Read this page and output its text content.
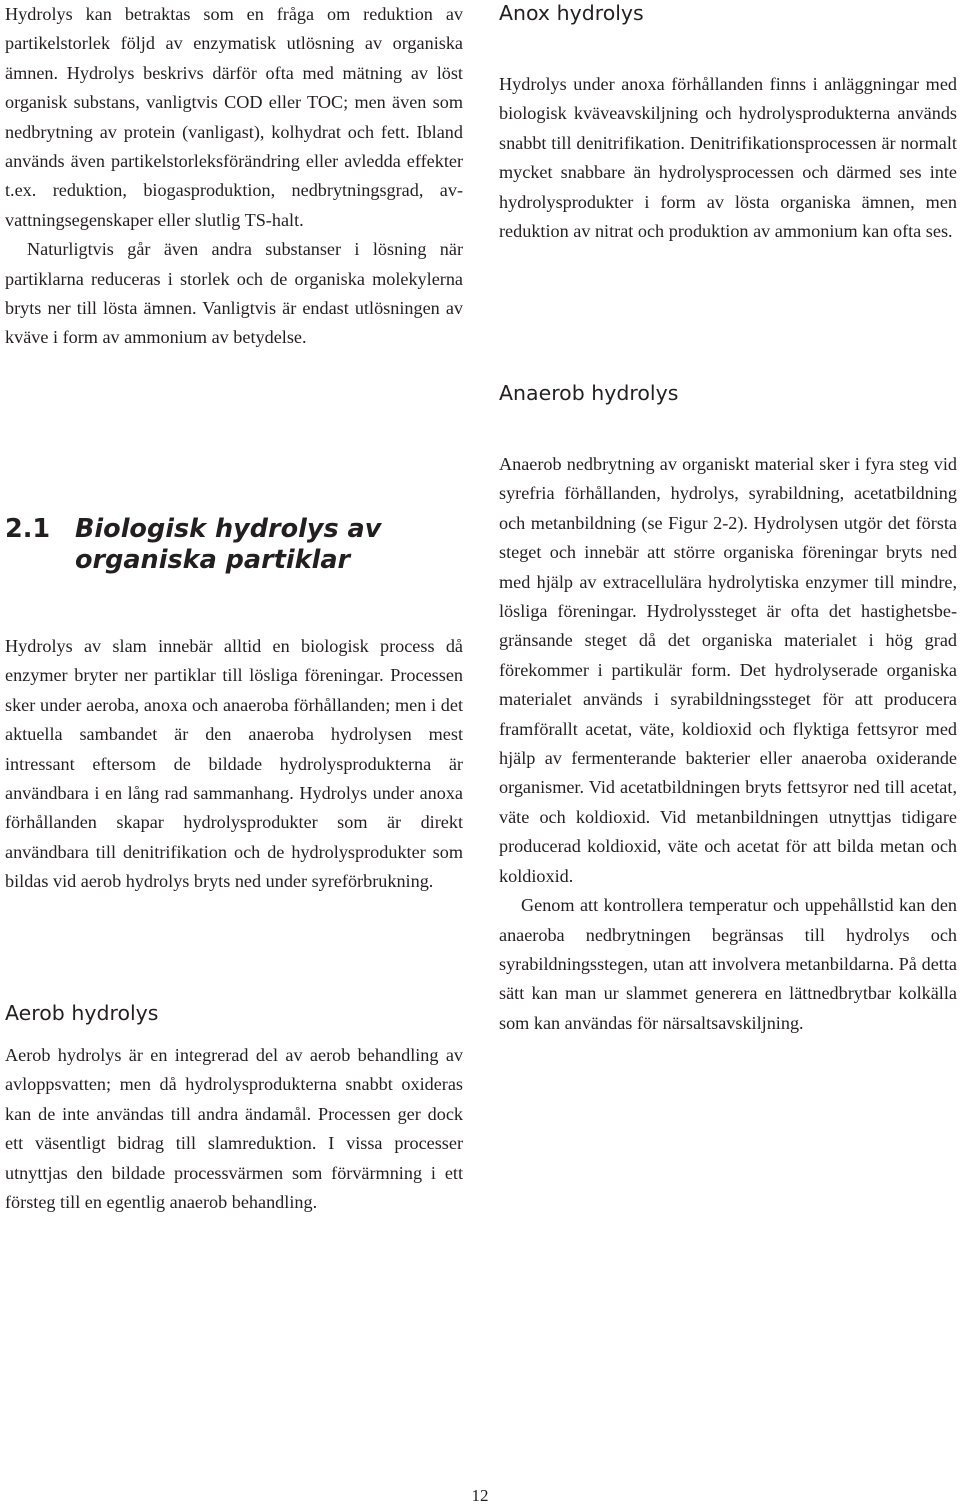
Hydrolys kan betraktas som en fråga om reduktion av partikelstorlek följd av enzymatisk utlösning av organiska ämnen. Hydrolys beskrivs därför ofta med mätning av löst organisk substans, vanligtvis COD eller TOC; men även som nedbrytning av protein (vanligast), kolhydrat och fett. Ibland används även partikelstorleksförändring eller avledda effekter t.ex. reduktion, biogasproduktion, nedbrytningsgrad, avvattningsegenskaper eller slutlig TS-halt.

Naturligtvis går även andra substanser i lösning när partiklarna reduceras i storlek och de organiska molekylerna bryts ner till lösta ämnen. Vanligtvis är endast utlösningen av kväve i form av ammonium av betydelse.

2.1 Biologisk hydrolys av organiska partiklar

Hydrolys av slam innebär alltid en biologisk process då enzymer bryter ner partiklar till lösliga föreningar. Processen sker under aeroba, anoxa och anaeroba förhållanden; men i det aktuella sambandet är den anaeroba hydrolysen mest intressant eftersom de bildade hydrolysprodukterna är användbara i en lång rad sammanhang. Hydrolys under anoxa förhållanden skapar hydrolysprodukter som är direkt användbara till denitrifikation och de hydrolysprodukter som bildas vid aerob hydrolys bryts ned under syreförbrukning.

Aerob hydrolys

Aerob hydrolys är en integrerad del av aerob behandling av avloppsvatten; men då hydrolysprodukterna snabbt oxideras kan de inte användas till andra ändamål. Processen ger dock ett väsentligt bidrag till slamreduktion. I vissa processer utnyttjas den bildade processvärmen som förvärmning i ett försteg till en egentlig anaerob behandling.

Anox hydrolys

Hydrolys under anoxa förhållanden finns i anläggningar med biologisk kväveavskiljning och hydrolysprodukterna används snabbt till denitrifikation. Denitrifikationsprocessen är normalt mycket snabbare än hydrolysprocessen och därmed ses inte hydrolysprodukter i form av lösta organiska ämnen, men reduktion av nitrat och produktion av ammonium kan ofta ses.

Anaerob hydrolys

Anaerob nedbrytning av organiskt material sker i fyra steg vid syrefria förhållanden, hydrolys, syrabildning, acetatbildning och metanbildning (se Figur 2-2). Hydrolysen utgör det första steget och innebär att större organiska föreningar bryts ned med hjälp av extracellulära hydrolytiska enzymer till mindre, lösliga föreningar. Hydrolyssteget är ofta det hastighetsbegränsande steget då det organiska materialet i hög grad förekommer i partikulär form. Det hydrolyserade organiska materialet används i syrabildningssteget för att producera framförallt acetat, väte, koldioxid och flyktiga fettsyror med hjälp av fermenterande bakterier eller anaeroba oxiderande organismer. Vid acetatbildningen bryts fettsyror ned till acetat, väte och koldioxid. Vid metanbildningen utnyttjas tidigare producerad koldioxid, väte och acetat för att bilda metan och koldioxid.

Genom att kontrollera temperatur och uppehållstid kan den anaeroba nedbrytningen begränsas till hydrolys och syrabildningsstegen, utan att involvera metanbildarna. På detta sätt kan man ur slammet generera en lättnedbrytbar kolkälla som kan användas för närsaltsavskiljning.

12
